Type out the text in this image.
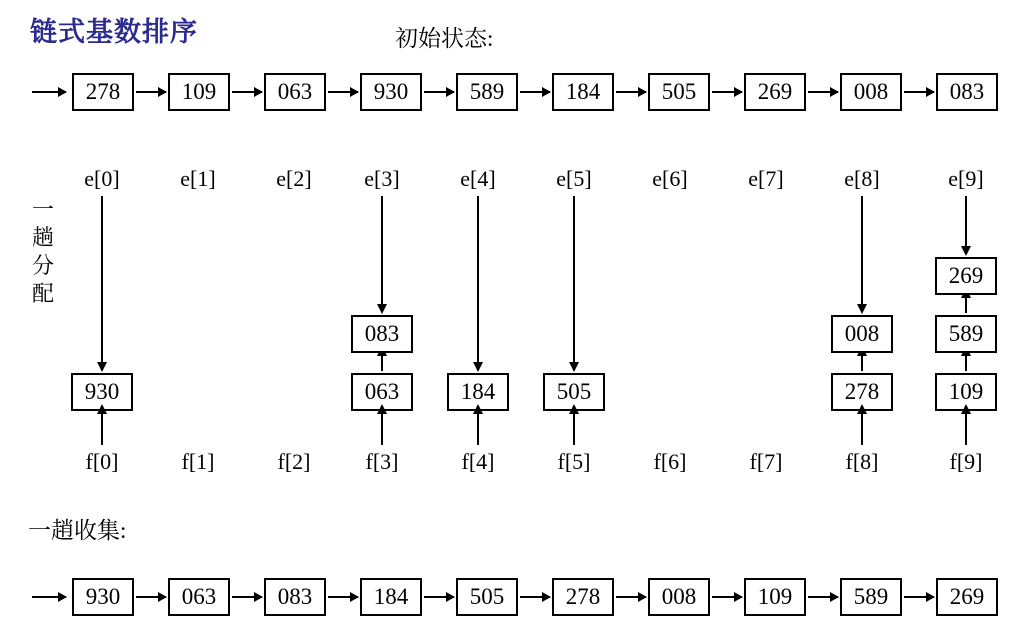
链式基数排序	初始状态:
278	109	063	930	589	184	505	269	008	083
e[0]	e[1]	e[2]	e[3]	e[4]	e[5]	e[6]	e[7]	e[8]	e[9]
一
趟
分
配
930	063
083
184	505	278
008
109
589
269
f[0]	f[1]	f[2]	f[3]	f[4]	f[5]	f[6]	f[7]	f[8]	f[9]
一趙收集:
930	063	083	184	505	278	008	109	589	269
